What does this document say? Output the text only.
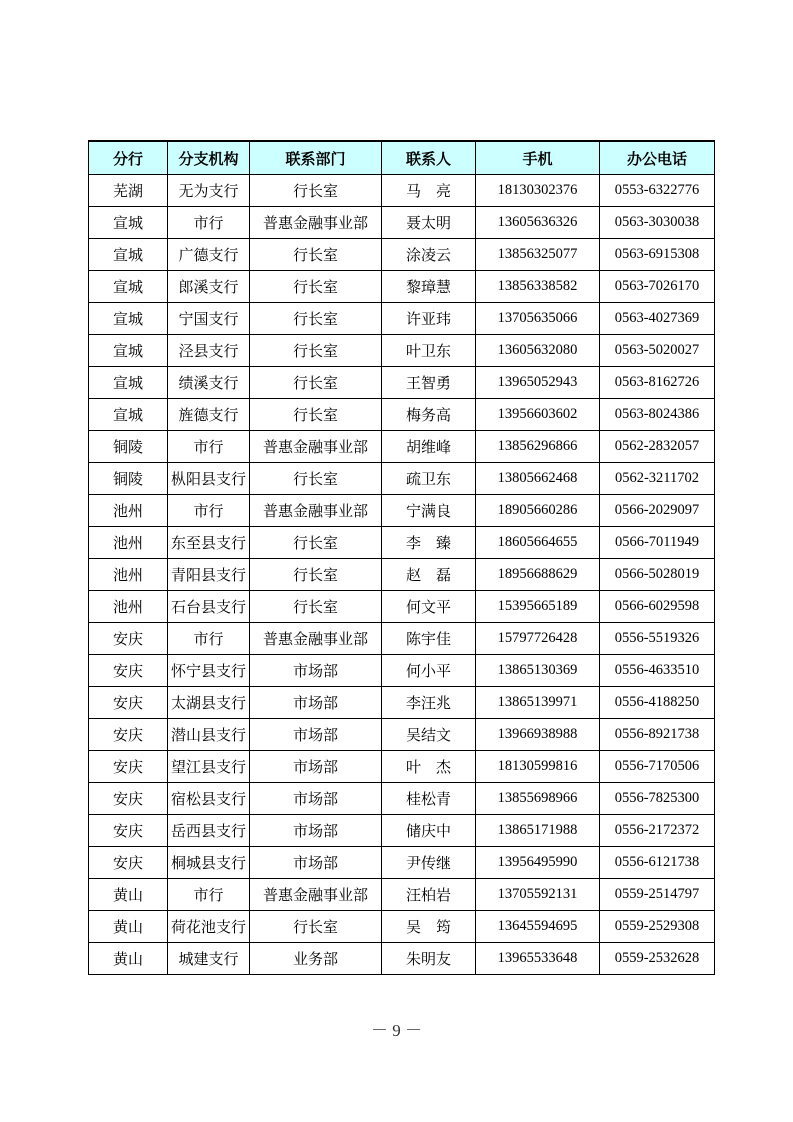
分行	分支机构	联系部门	联系人	手机	办公电话
芜湖	无为支行	行长室	马　亮	18130302376	0553-6322776
宣城	市行	普惠金融事业部	聂太明	13605636326	0563-3030038
宣城	广德支行	行长室	涂凌云	13856325077	0563-6915308
宣城	郎溪支行	行长室	黎璋慧	13856338582	0563-7026170
宣城	宁国支行	行长室	许亚玮	13705635066	0563-4027369
宣城	泾县支行	行长室	叶卫东	13605632080	0563-5020027
宣城	绩溪支行	行长室	王智勇	13965052943	0563-8162726
宣城	旌德支行	行长室	梅务高	13956603602	0563-8024386
铜陵	市行	普惠金融事业部	胡维峰	13856296866	0562-2832057
铜陵	枞阳县支行	行长室	疏卫东	13805662468	0562-3211702
池州	市行	普惠金融事业部	宁满良	18905660286	0566-2029097
池州	东至县支行	行长室	李　臻	18605664655	0566-7011949
池州	青阳县支行	行长室	赵　磊	18956688629	0566-5028019
池州	石台县支行	行长室	何文平	15395665189	0566-6029598
安庆	市行	普惠金融事业部	陈宇佳	15797726428	0556-5519326
安庆	怀宁县支行	市场部	何小平	13865130369	0556-4633510
安庆	太湖县支行	市场部	李汪兆	13865139971	0556-4188250
安庆	潜山县支行	市场部	吴结文	13966938988	0556-8921738
安庆	望江县支行	市场部	叶　杰	18130599816	0556-7170506
安庆	宿松县支行	市场部	桂松青	13855698966	0556-7825300
安庆	岳西县支行	市场部	储庆中	13865171988	0556-2172372
安庆	桐城县支行	市场部	尹传继	13956495990	0556-6121738
黄山	市行	普惠金融事业部	汪柏岩	13705592131	0559-2514797
黄山	荷花池支行	行长室	吴　筠	13645594695	0559-2529308
黄山	城建支行	业务部	朱明友	13965533648	0559-2532628
－ 9 －
